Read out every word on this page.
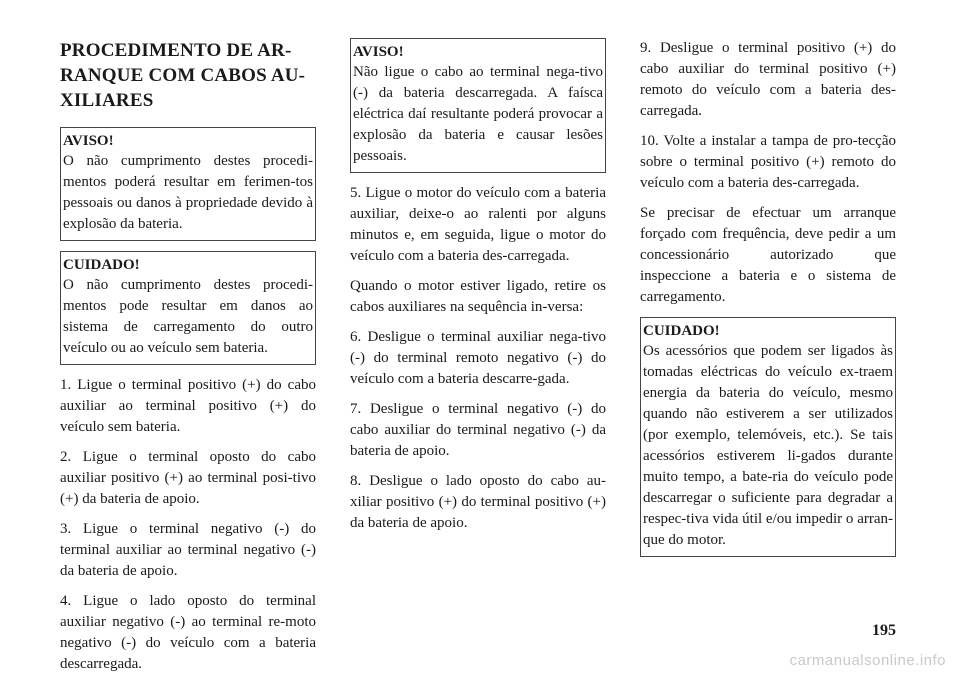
PROCEDIMENTO DE AR-
RANQUE COM CABOS AU-
XILIARES
AVISO!
O não cumprimento destes procedi-mentos poderá resultar em ferimen-tos pessoais ou danos à propriedade devido à explosão da bateria.
CUIDADO!
O não cumprimento destes procedi-mentos pode resultar em danos ao sistema de carregamento do outro veículo ou ao veículo sem bateria.

1. Ligue o terminal positivo (+) do cabo auxiliar ao terminal positivo (+) do veículo sem bateria.

2. Ligue o terminal oposto do cabo auxiliar positivo (+) ao terminal posi-tivo (+) da bateria de apoio.

3. Ligue o terminal negativo (-) do terminal auxiliar ao terminal negativo (-) da bateria de apoio.

4. Ligue o lado oposto do terminal auxiliar negativo (-) ao terminal re-moto negativo (-) do veículo com a bateria descarregada.

AVISO!
Não ligue o cabo ao terminal nega-tivo (-) da bateria descarregada. A faísca eléctrica daí resultante poderá provocar a explosão da bateria e causar lesões pessoais.

5. Ligue o motor do veículo com a bateria auxiliar, deixe-o ao ralenti por alguns minutos e, em seguida, ligue o motor do veículo com a bateria des-carregada.

Quando o motor estiver ligado, retire os cabos auxiliares na sequência in-versa:

6. Desligue o terminal auxiliar nega-tivo (-) do terminal remoto negativo (-) do veículo com a bateria descarre-gada.

7. Desligue o terminal negativo (-) do cabo auxiliar do terminal negativo (-) da bateria de apoio.

8. Desligue o lado oposto do cabo au-xiliar positivo (+) do terminal positivo (+) da bateria de apoio.

9. Desligue o terminal positivo (+) do cabo auxiliar do terminal positivo (+) remoto do veículo com a bateria des-carregada.

10. Volte a instalar a tampa de pro-tecção sobre o terminal positivo (+) remoto do veículo com a bateria des-carregada.

Se precisar de efectuar um arranque forçado com frequência, deve pedir a um concessionário autorizado que inspeccione a bateria e o sistema de carregamento.

CUIDADO!
Os acessórios que podem ser ligados às tomadas eléctricas do veículo ex-traem energia da bateria do veículo, mesmo quando não estiverem a ser utilizados (por exemplo, telemóveis, etc.). Se tais acessórios estiverem li-gados durante muito tempo, a bate-ria do veículo pode descarregar o suficiente para degradar a respec-tiva vida útil e/ou impedir o arran-que do motor.
195
carmanualsonline.info
